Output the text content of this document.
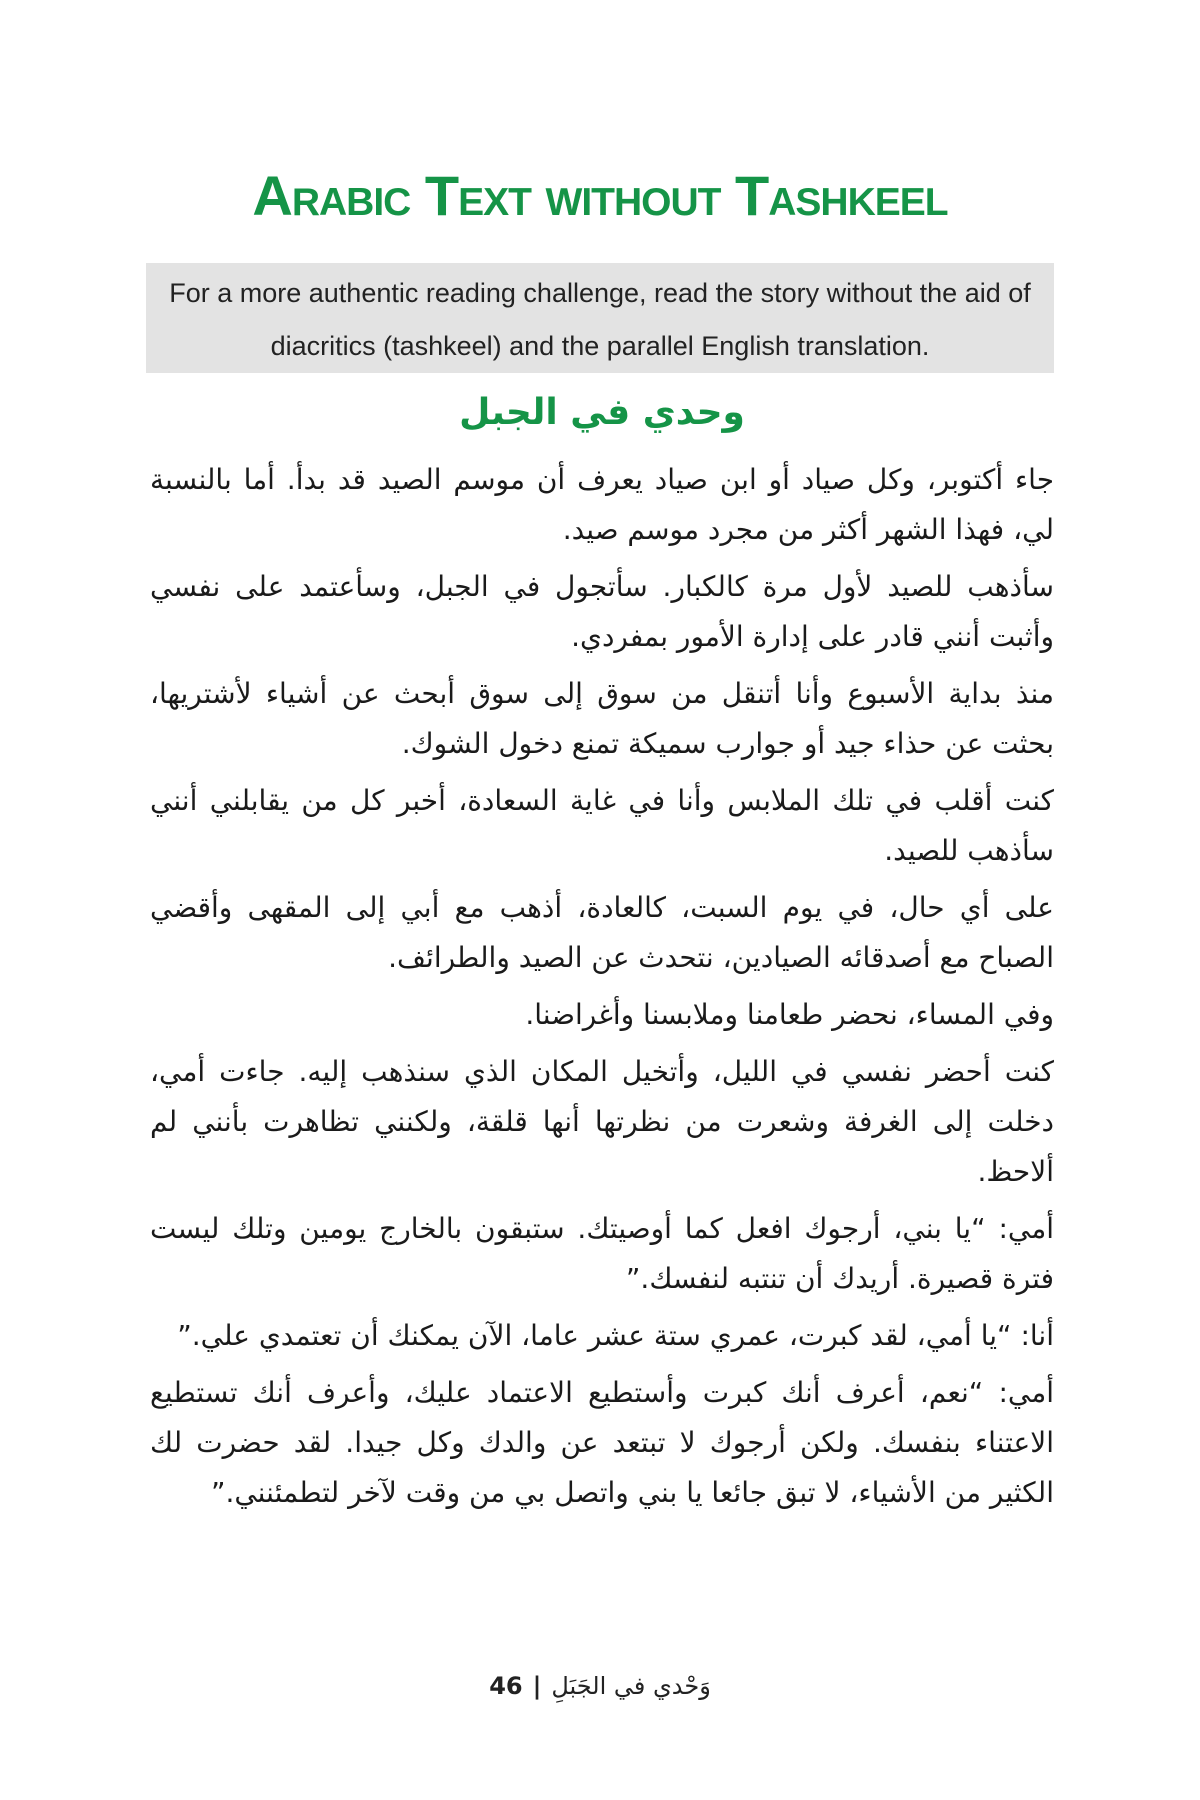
Arabic Text without Tashkeel
For a more authentic reading challenge, read the story without the aid of diacritics (tashkeel) and the parallel English translation.
وحدي في الجبل

جاء أكتوبر، وكل صياد أو ابن صياد يعرف أن موسم الصيد قد بدأ. أما بالنسبة لي، فهذا الشهر أكثر من مجرد موسم صيد.

سأذهب للصيد لأول مرة كالكبار. سأتجول في الجبل، وسأعتمد على نفسي وأثبت أنني قادر على إدارة الأمور بمفردي.

منذ بداية الأسبوع وأنا أتنقل من سوق إلى سوق أبحث عن أشياء لأشتريها، بحثت عن حذاء جيد أو جوارب سميكة تمنع دخول الشوك.

كنت أقلب في تلك الملابس وأنا في غاية السعادة، أخبر كل من يقابلني أنني سأذهب للصيد.

على أي حال، في يوم السبت، كالعادة، أذهب مع أبي إلى المقهى وأقضي الصباح مع أصدقائه الصيادين، نتحدث عن الصيد والطرائف.

وفي المساء، نحضر طعامنا وملابسنا وأغراضنا.

كنت أحضر نفسي في الليل، وأتخيل المكان الذي سنذهب إليه. جاءت أمي، دخلت إلى الغرفة وشعرت من نظرتها أنها قلقة، ولكنني تظاهرت بأنني لم ألاحظ.

أمي: “يا بني، أرجوك افعل كما أوصيتك. ستبقون بالخارج يومين وتلك ليست فترة قصيرة. أريدك أن تنتبه لنفسك.”

أنا: “يا أمي، لقد كبرت، عمري ستة عشر عاما، الآن يمكنك أن تعتمدي علي.”

أمي: “نعم، أعرف أنك كبرت وأستطيع الاعتماد عليك، وأعرف أنك تستطيع الاعتناء بنفسك. ولكن أرجوك لا تبتعد عن والدك وكل جيدا. لقد حضرت لك الكثير من الأشياء، لا تبق جائعا يا بني واتصل بي من وقت لآخر لتطمئنني.”

46 | وَحْدي في الجَبَلِ
